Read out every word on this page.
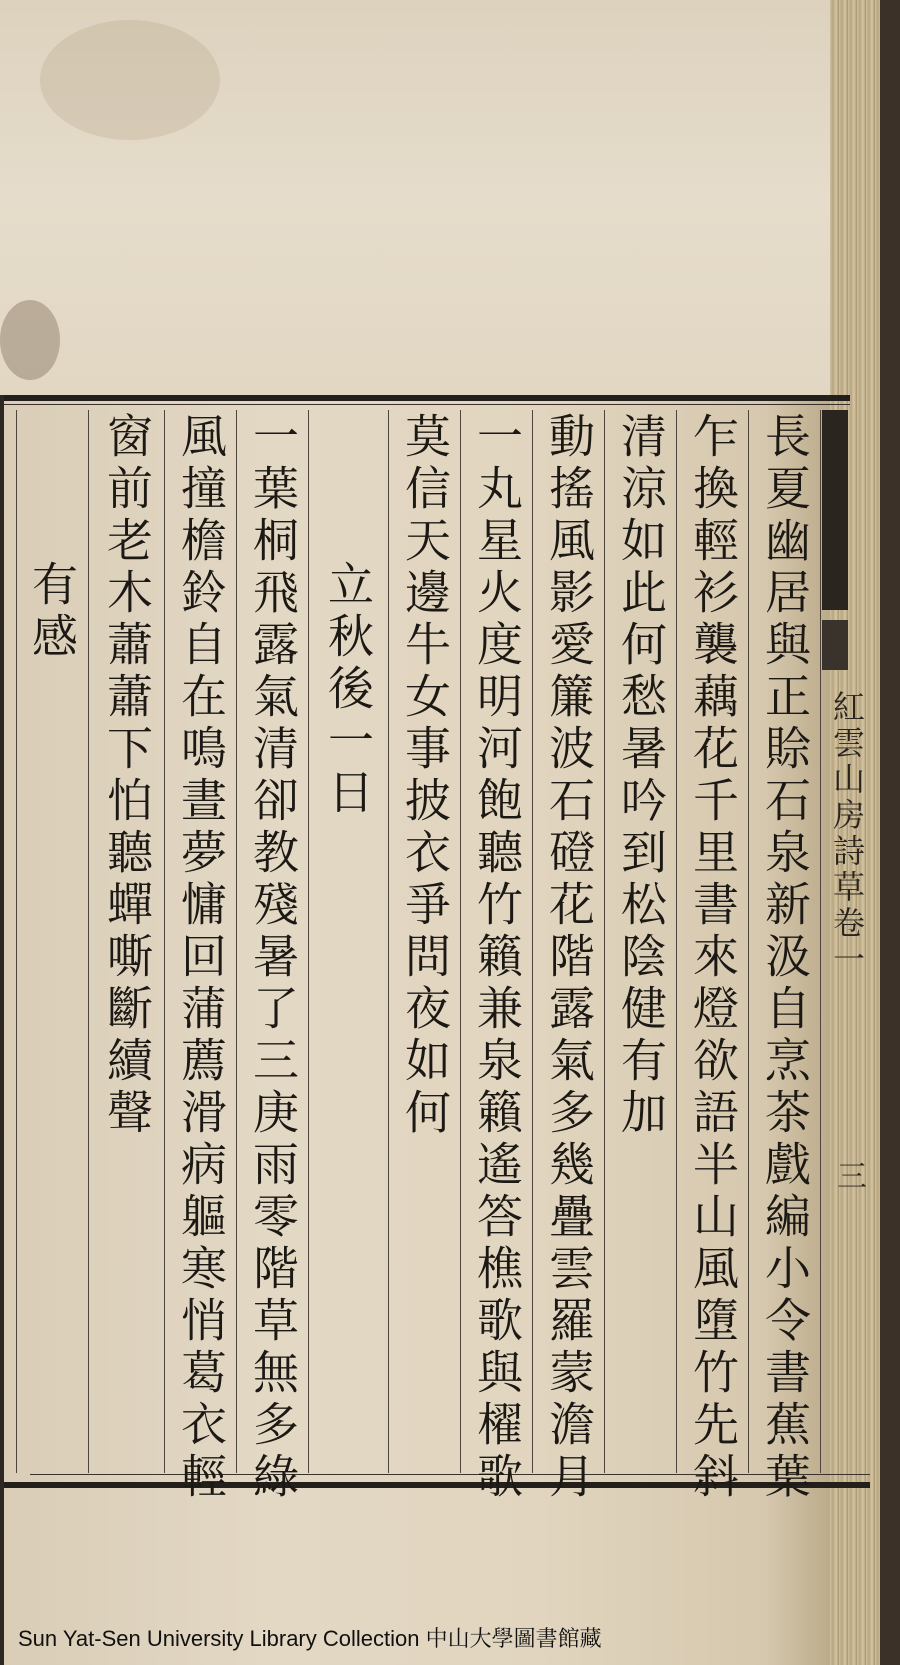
紅雲山房詩草卷一
三
長夏幽居與正賒石泉新汲自烹茶戲編小令書蕉葉
乍換輕衫襲藕花千里書來燈欲語半山風墮竹先斜
清涼如此何愁暑吟到松陰健有加
動搖風影愛簾波石磴花階露氣多幾疊雲羅蒙澹月
一丸星火度明河飽聽竹籟兼泉籟遙答樵歌與櫂歌
莫信天邊牛女事披衣爭問夜如何
立秋後一日
一葉桐飛露氣清卻教殘暑了三庚雨零階草無多綠
風撞檐鈴自在鳴晝夢慵回蒲薦滑病軀寒悄葛衣輕
窗前老木蕭蕭下怕聽蟬嘶斷續聲
有感
Sun Yat-Sen University Library Collection 中山大學圖書館藏
